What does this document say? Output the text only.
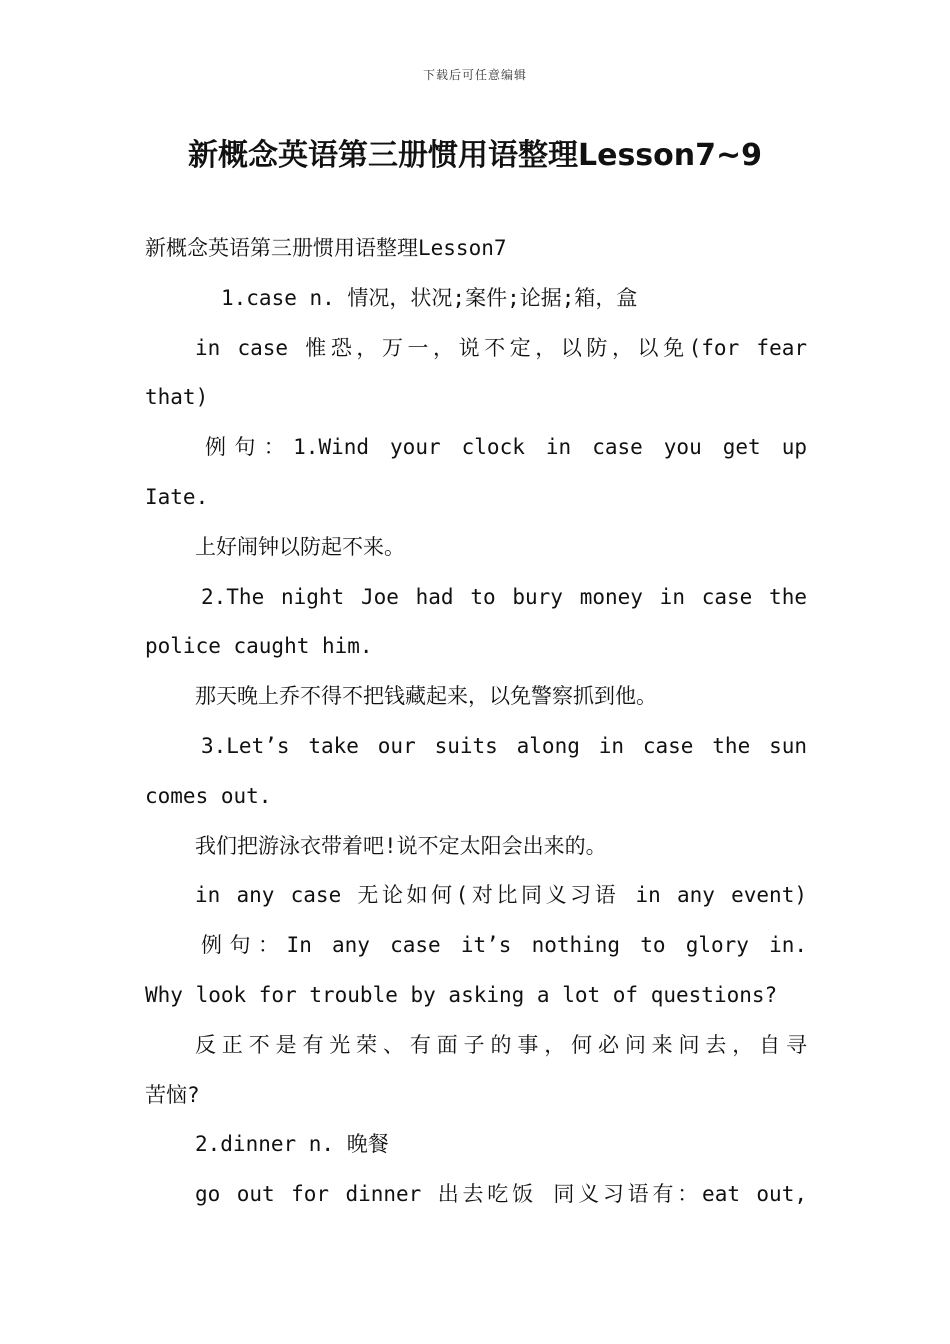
下载后可任意编辑
新概念英语第三册惯用语整理Lesson7~9
新概念英语第三册惯用语整理Lesson7
1.case n. 情况，状况;案件;论据;箱，盒
in case 惟恐，万一，说不定，以防，以免(for fear
that)
例句：1.Wind your clock in case you get up
Iate.
上好闹钟以防起不来。
2.The night Joe had to bury money in case the
police caught him.
那天晚上乔不得不把钱藏起来，以免警察抓到他。
3.Let’s take our suits along in case the sun
comes out.
我们把游泳衣带着吧!说不定太阳会出来的。
in any case 无论如何(对比同义习语 in any event)
例句：In any case it’s nothing to glory in.
Why look for trouble by asking a lot of questions?
反正不是有光荣、有面子的事，何必问来问去，自寻
苦恼?
2.dinner n. 晚餐
go out for dinner 出去吃饭 同义习语有：eat out,
